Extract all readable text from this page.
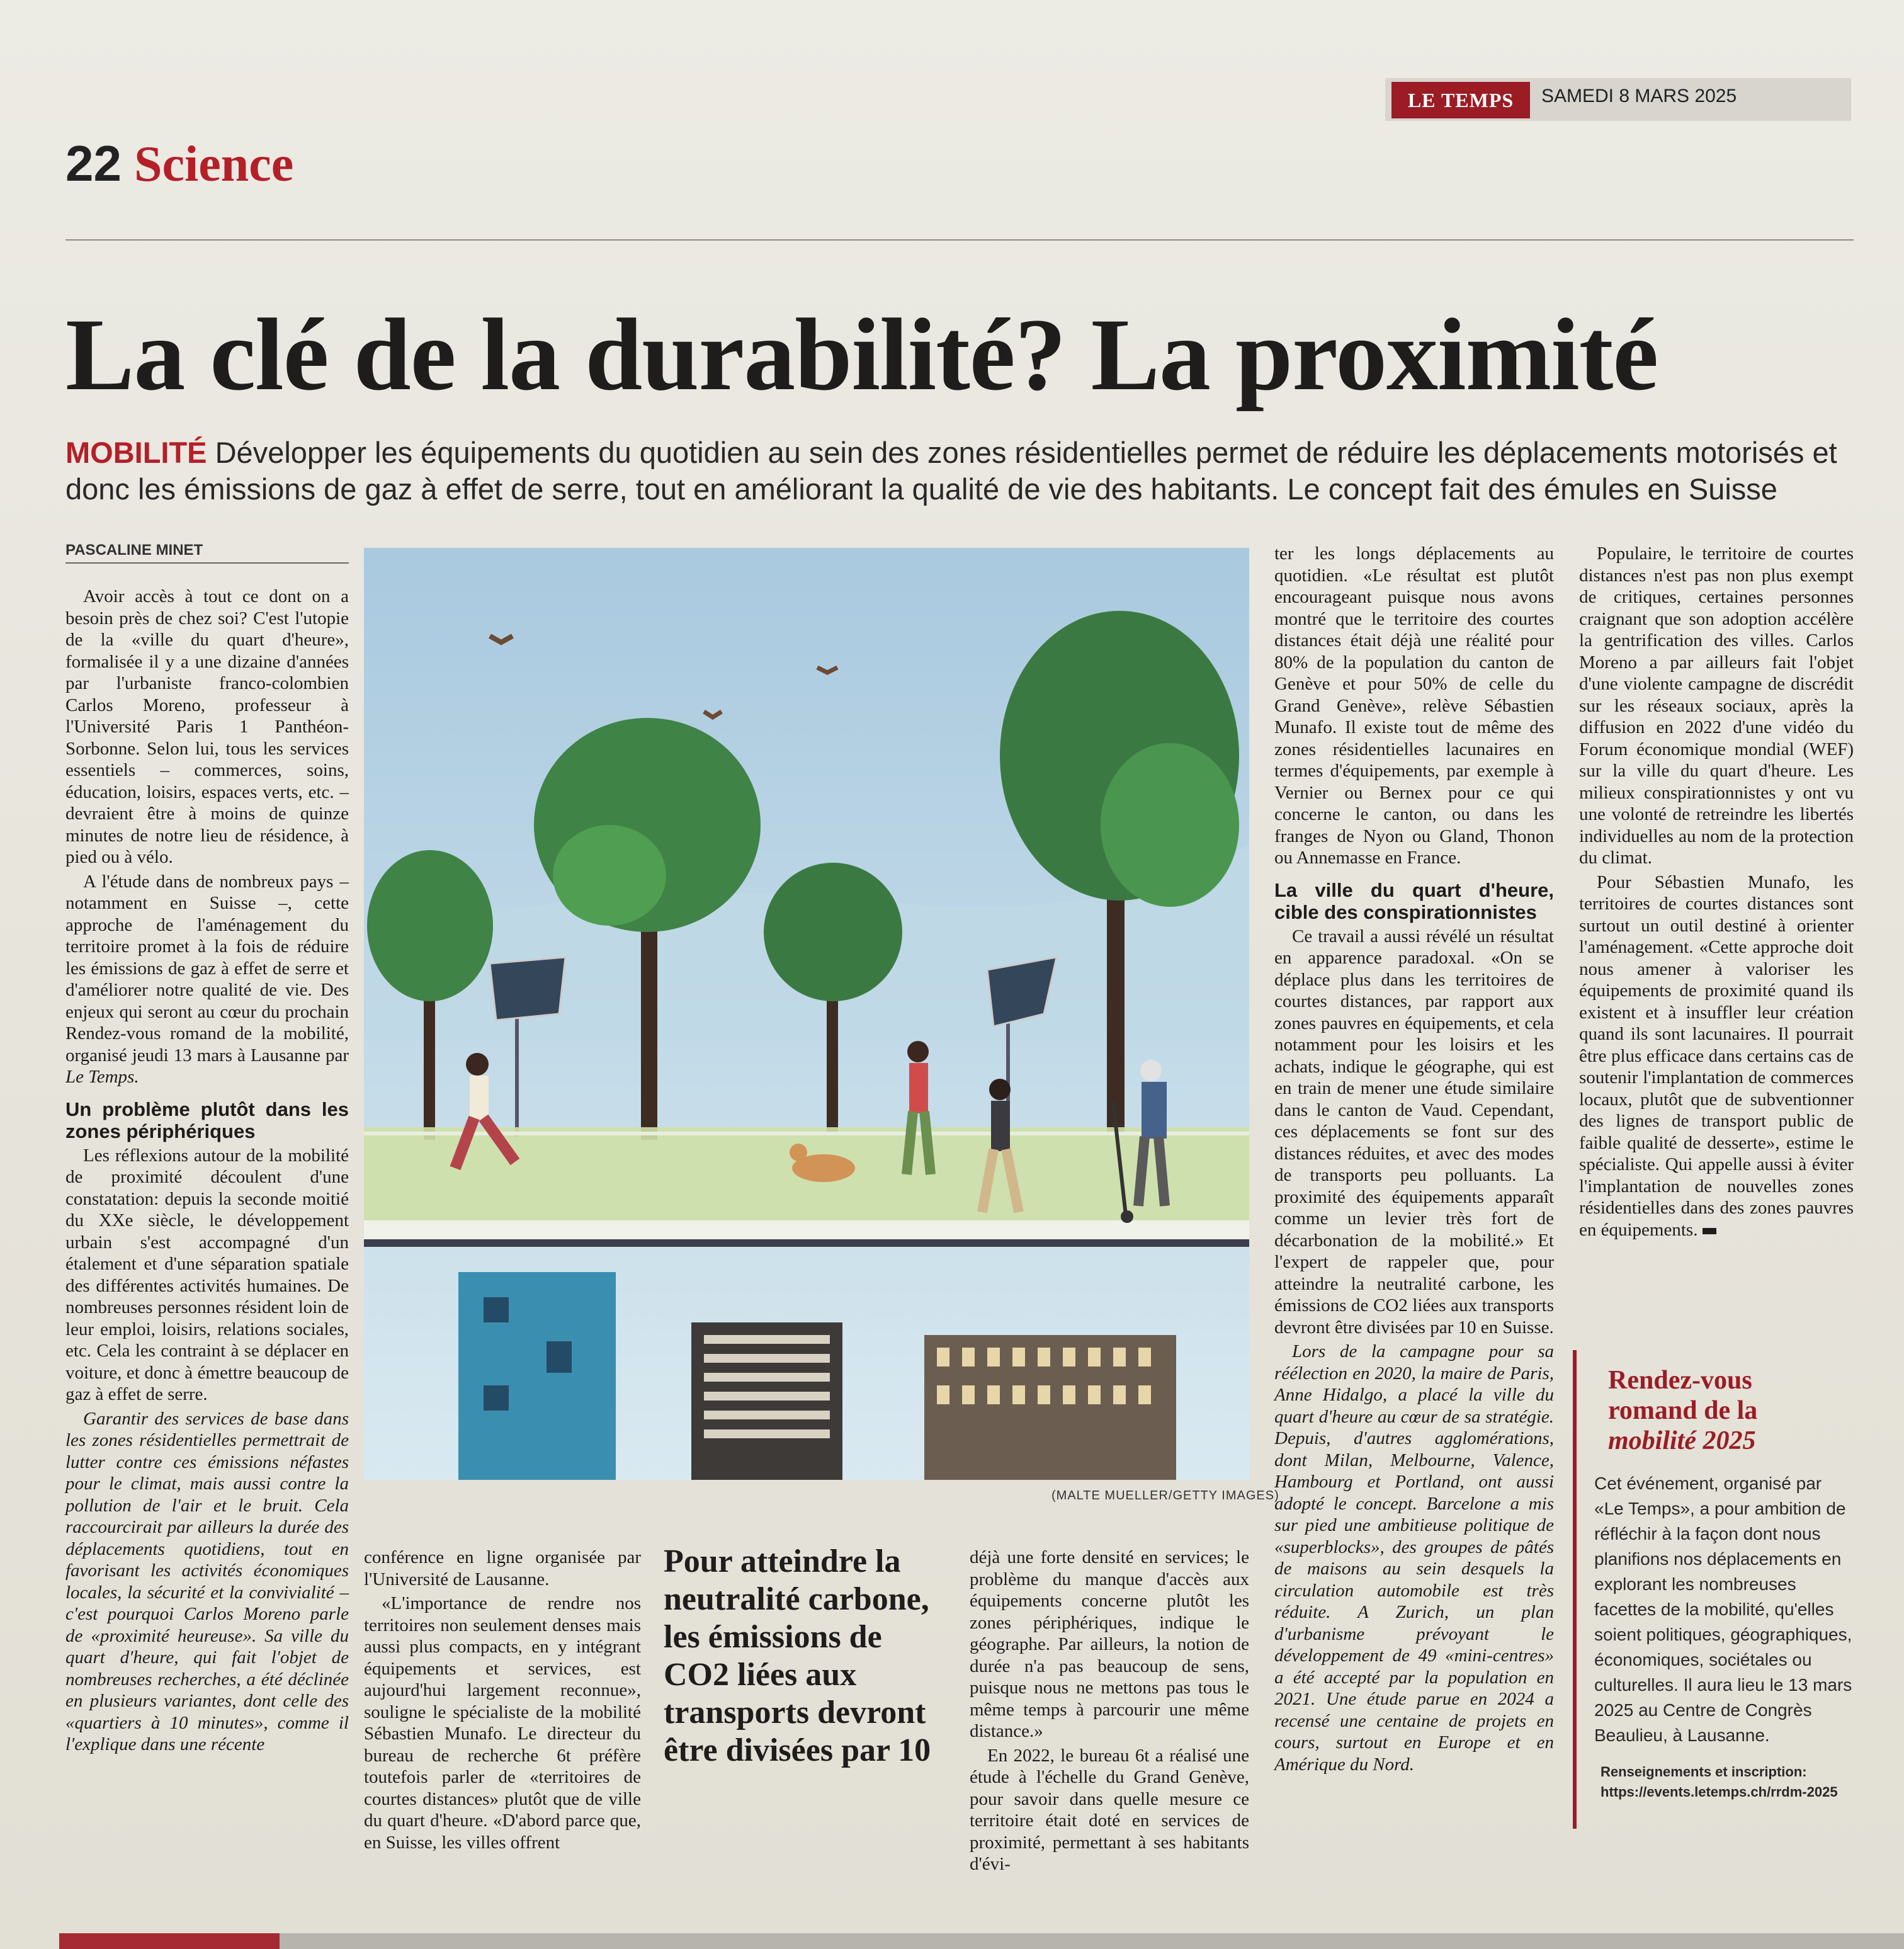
LE TEMPS	SAMEDI 8 MARS 2025
22 Science
La clé de la durabilité? La proximité
MOBILITÉ Développer les équipements du quotidien au sein des zones résidentielles permet de réduire les déplacements motorisés et donc les émissions de gaz à effet de serre, tout en améliorant la qualité de vie des habitants. Le concept fait des émules en Suisse
PASCALINE MINET

Avoir accès à tout ce dont on a besoin près de chez soi? C'est l'utopie de la «ville du quart d'heure», formalisée il y a une dizaine d'années par l'urbaniste franco-colombien Carlos Moreno, professeur à l'Université Paris 1 Panthéon-Sorbonne. Selon lui, tous les services essentiels – commerces, soins, éducation, loisirs, espaces verts, etc. – devraient être à moins de quinze minutes de notre lieu de résidence, à pied ou à vélo.

A l'étude dans de nombreux pays – notamment en Suisse –, cette approche de l'aménagement du territoire promet à la fois de réduire les émissions de gaz à effet de serre et d'améliorer notre qualité de vie. Des enjeux qui seront au cœur du prochain Rendez-vous romand de la mobilité, organisé jeudi 13 mars à Lausanne par Le Temps.

Un problème plutôt dans les zones périphériques

Les réflexions autour de la mobilité de proximité découlent d'une constatation: depuis la seconde moitié du XXe siècle, le développement urbain s'est accompagné d'un étalement et d'une séparation spatiale des différentes activités humaines. De nombreuses personnes résident loin de leur emploi, loisirs, relations sociales, etc. Cela les contraint à se déplacer en voiture, et donc à émettre beaucoup de gaz à effet de serre.

Garantir des services de base dans les zones résidentielles permettrait de lutter contre ces émissions néfastes pour le climat, mais aussi contre la pollution de l'air et le bruit. Cela raccourcirait par ailleurs la durée des déplacements quotidiens, tout en favorisant les activités économiques locales, la sécurité et la convivialité – c'est pourquoi Carlos Moreno parle de «proximité heureuse». Sa ville du quart d'heure, qui fait l'objet de nombreuses recherches, a été déclinée en plusieurs variantes, dont celle des «quartiers à 10 minutes», comme il l'explique dans une récente

(MALTE MUELLER/GETTY IMAGES)

conférence en ligne organisée par l'Université de Lausanne.

«L'importance de rendre nos territoires non seulement denses mais aussi plus compacts, en y intégrant équipements et services, est aujourd'hui largement reconnue», souligne le spécialiste de la mobilité Sébastien Munafo. Le directeur du bureau de recherche 6t préfère toutefois parler de «territoires de courtes distances» plutôt que de ville du quart d'heure. «D'abord parce que, en Suisse, les villes offrent

Pour atteindre la neutralité carbone, les émissions de CO2 liées aux transports devront être divisées par 10

déjà une forte densité en services; le problème du manque d'accès aux équipements concerne plutôt les zones périphériques, indique le géographe. Par ailleurs, la notion de durée n'a pas beaucoup de sens, puisque nous ne mettons pas tous le même temps à parcourir une même distance.»

En 2022, le bureau 6t a réalisé une étude à l'échelle du Grand Genève, pour savoir dans quelle mesure ce territoire était doté en services de proximité, permettant à ses habitants d'évi-

ter les longs déplacements au quotidien. «Le résultat est plutôt encourageant puisque nous avons montré que le territoire des courtes distances était déjà une réalité pour 80% de la population du canton de Genève et pour 50% de celle du Grand Genève», relève Sébastien Munafo. Il existe tout de même des zones résidentielles lacunaires en termes d'équipements, par exemple à Vernier ou Bernex pour ce qui concerne le canton, ou dans les franges de Nyon ou Gland, Thonon ou Annemasse en France.

La ville du quart d'heure, cible des conspirationnistes

Ce travail a aussi révélé un résultat en apparence paradoxal. «On se déplace plus dans les territoires de courtes distances, par rapport aux zones pauvres en équipements, et cela notamment pour les loisirs et les achats, indique le géographe, qui est en train de mener une étude similaire dans le canton de Vaud. Cependant, ces déplacements se font sur des distances réduites, et avec des modes de transports peu polluants. La proximité des équipements apparaît comme un levier très fort de décarbonation de la mobilité.» Et l'expert de rappeler que, pour atteindre la neutralité carbone, les émissions de CO2 liées aux transports devront être divisées par 10 en Suisse.

Lors de la campagne pour sa réélection en 2020, la maire de Paris, Anne Hidalgo, a placé la ville du quart d'heure au cœur de sa stratégie. Depuis, d'autres agglomérations, dont Milan, Melbourne, Valence, Hambourg et Portland, ont aussi adopté le concept. Barcelone a mis sur pied une ambitieuse politique de «superblocks», des groupes de pâtés de maisons au sein desquels la circulation automobile est très réduite. A Zurich, un plan d'urbanisme prévoyant le développement de 49 «mini-centres» a été accepté par la population en 2021. Une étude parue en 2024 a recensé une centaine de projets en cours, surtout en Europe et en Amérique du Nord.

Populaire, le territoire de courtes distances n'est pas non plus exempt de critiques, certaines personnes craignant que son adoption accélère la gentrification des villes. Carlos Moreno a par ailleurs fait l'objet d'une violente campagne de discrédit sur les réseaux sociaux, après la diffusion en 2022 d'une vidéo du Forum économique mondial (WEF) sur la ville du quart d'heure. Les milieux conspirationnistes y ont vu une volonté de retreindre les libertés individuelles au nom de la protection du climat.

Pour Sébastien Munafo, les territoires de courtes distances sont surtout un outil destiné à orienter l'aménagement. «Cette approche doit nous amener à valoriser les équipements de proximité quand ils existent et à insuffler leur création quand ils sont lacunaires. Il pourrait être plus efficace dans certains cas de soutenir l'implantation de commerces locaux, plutôt que de subventionner des lignes de transport public de faible qualité de desserte», estime le spécialiste. Qui appelle aussi à éviter l'implantation de nouvelles zones résidentielles dans des zones pauvres en équipements.

Rendez-vous
romand de la
mobilité 2025
Cet événement, organisé par «Le Temps», a pour ambition de réfléchir à la façon dont nous planifions nos déplacements en explorant les nombreuses facettes de la mobilité, qu'elles soient politiques, géographiques, économiques, sociétales ou culturelles. Il aura lieu le 13 mars 2025 au Centre de Congrès Beaulieu, à Lausanne.
Renseignements et inscription:
https://events.letemps.ch/rrdm-2025
